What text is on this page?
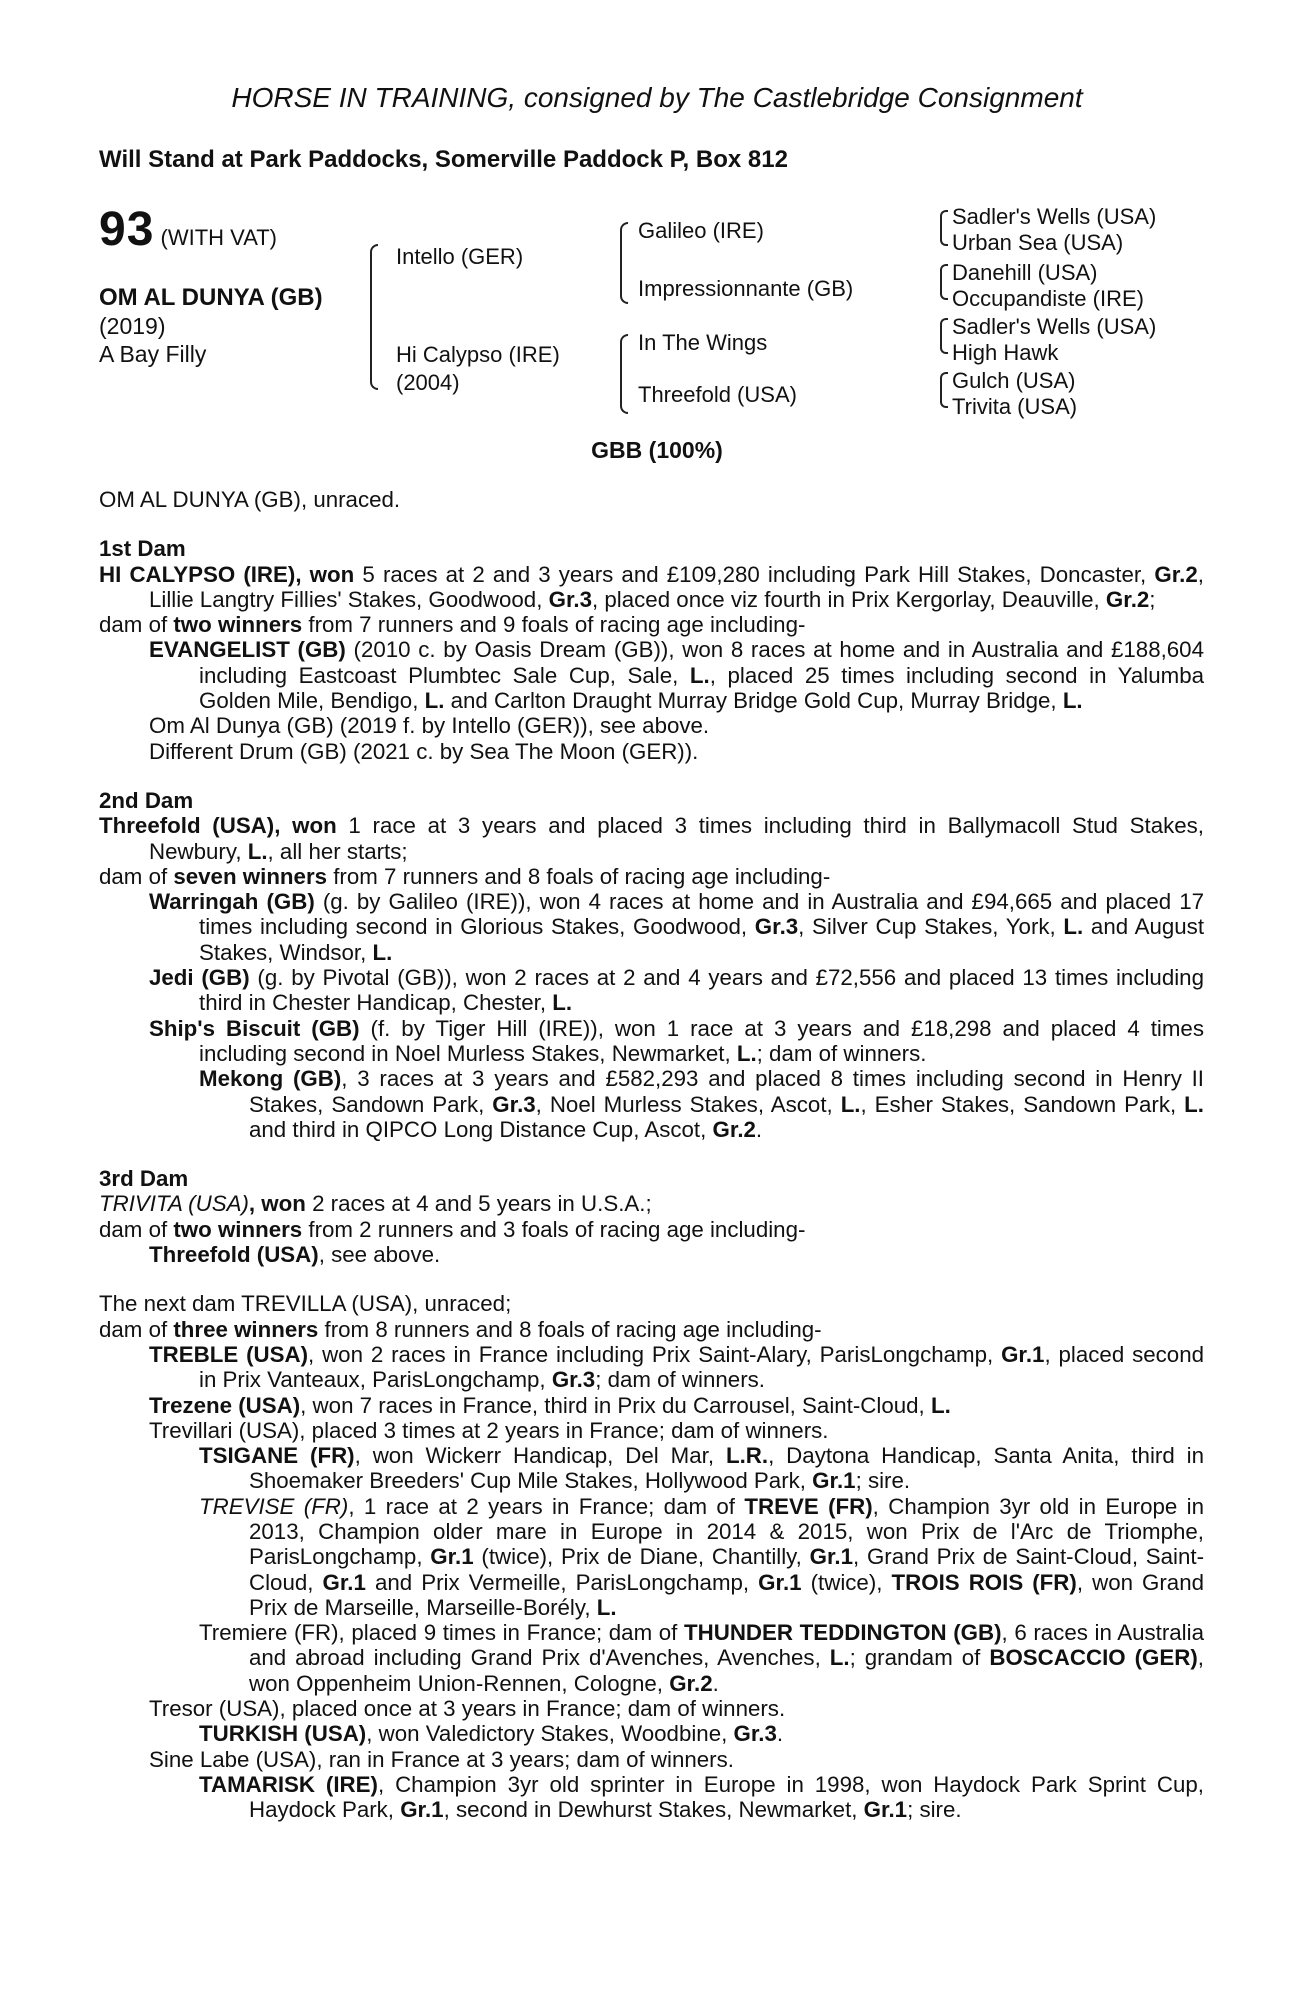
HORSE IN TRAINING, consigned by The Castlebridge Consignment
Will Stand at Park Paddocks, Somerville Paddock P, Box 812
93 (WITH VAT)
OM AL DUNYA (GB)
(2019)
A Bay Filly
Intello (GER)
Hi Calypso (IRE)
(2004)
Galileo (IRE)
Impressionnante (GB)
In The Wings
Threefold (USA)
Sadler's Wells (USA)
Urban Sea (USA)
Danehill (USA)
Occupandiste (IRE)
Sadler's Wells (USA)
High Hawk
Gulch (USA)
Trivita (USA)
GBB (100%)

OM AL DUNYA (GB), unraced.

1st Dam

HI CALYPSO (IRE), won 5 races at 2 and 3 years and £109,280 including Park Hill Stakes, Doncaster, Gr.2, Lillie Langtry Fillies' Stakes, Goodwood, Gr.3, placed once viz fourth in Prix Kergorlay, Deauville, Gr.2;

dam of two winners from 7 runners and 9 foals of racing age including-

EVANGELIST (GB) (2010 c. by Oasis Dream (GB)), won 8 races at home and in Australia and £188,604 including Eastcoast Plumbtec Sale Cup, Sale, L., placed 25 times including second in Yalumba Golden Mile, Bendigo, L. and Carlton Draught Murray Bridge Gold Cup, Murray Bridge, L.

Om Al Dunya (GB) (2019 f. by Intello (GER)), see above.

Different Drum (GB) (2021 c. by Sea The Moon (GER)).

2nd Dam

Threefold (USA), won 1 race at 3 years and placed 3 times including third in Ballymacoll Stud Stakes, Newbury, L., all her starts;

dam of seven winners from 7 runners and 8 foals of racing age including-

Warringah (GB) (g. by Galileo (IRE)), won 4 races at home and in Australia and £94,665 and placed 17 times including second in Glorious Stakes, Goodwood, Gr.3, Silver Cup Stakes, York, L. and August Stakes, Windsor, L.

Jedi (GB) (g. by Pivotal (GB)), won 2 races at 2 and 4 years and £72,556 and placed 13 times including third in Chester Handicap, Chester, L.

Ship's Biscuit (GB) (f. by Tiger Hill (IRE)), won 1 race at 3 years and £18,298 and placed 4 times including second in Noel Murless Stakes, Newmarket, L.; dam of winners.

Mekong (GB), 3 races at 3 years and £582,293 and placed 8 times including second in Henry II Stakes, Sandown Park, Gr.3, Noel Murless Stakes, Ascot, L., Esher Stakes, Sandown Park, L. and third in QIPCO Long Distance Cup, Ascot, Gr.2.

3rd Dam

TRIVITA (USA), won 2 races at 4 and 5 years in U.S.A.;

dam of two winners from 2 runners and 3 foals of racing age including-

Threefold (USA), see above.

The next dam TREVILLA (USA), unraced;

dam of three winners from 8 runners and 8 foals of racing age including-

TREBLE (USA), won 2 races in France including Prix Saint-Alary, ParisLongchamp, Gr.1, placed second in Prix Vanteaux, ParisLongchamp, Gr.3; dam of winners.

Trezene (USA), won 7 races in France, third in Prix du Carrousel, Saint-Cloud, L.

Trevillari (USA), placed 3 times at 2 years in France; dam of winners.

TSIGANE (FR), won Wickerr Handicap, Del Mar, L.R., Daytona Handicap, Santa Anita, third in Shoemaker Breeders' Cup Mile Stakes, Hollywood Park, Gr.1; sire.

TREVISE (FR), 1 race at 2 years in France; dam of TREVE (FR), Champion 3yr old in Europe in 2013, Champion older mare in Europe in 2014 & 2015, won Prix de l'Arc de Triomphe, ParisLongchamp, Gr.1 (twice), Prix de Diane, Chantilly, Gr.1, Grand Prix de Saint-Cloud, Saint-Cloud, Gr.1 and Prix Vermeille, ParisLongchamp, Gr.1 (twice), TROIS ROIS (FR), won Grand Prix de Marseille, Marseille-Borély, L.

Tremiere (FR), placed 9 times in France; dam of THUNDER TEDDINGTON (GB), 6 races in Australia and abroad including Grand Prix d'Avenches, Avenches, L.; grandam of BOSCACCIO (GER), won Oppenheim Union-Rennen, Cologne, Gr.2.

Tresor (USA), placed once at 3 years in France; dam of winners.

TURKISH (USA), won Valedictory Stakes, Woodbine, Gr.3.

Sine Labe (USA), ran in France at 3 years; dam of winners.

TAMARISK (IRE), Champion 3yr old sprinter in Europe in 1998, won Haydock Park Sprint Cup, Haydock Park, Gr.1, second in Dewhurst Stakes, Newmarket, Gr.1; sire.
